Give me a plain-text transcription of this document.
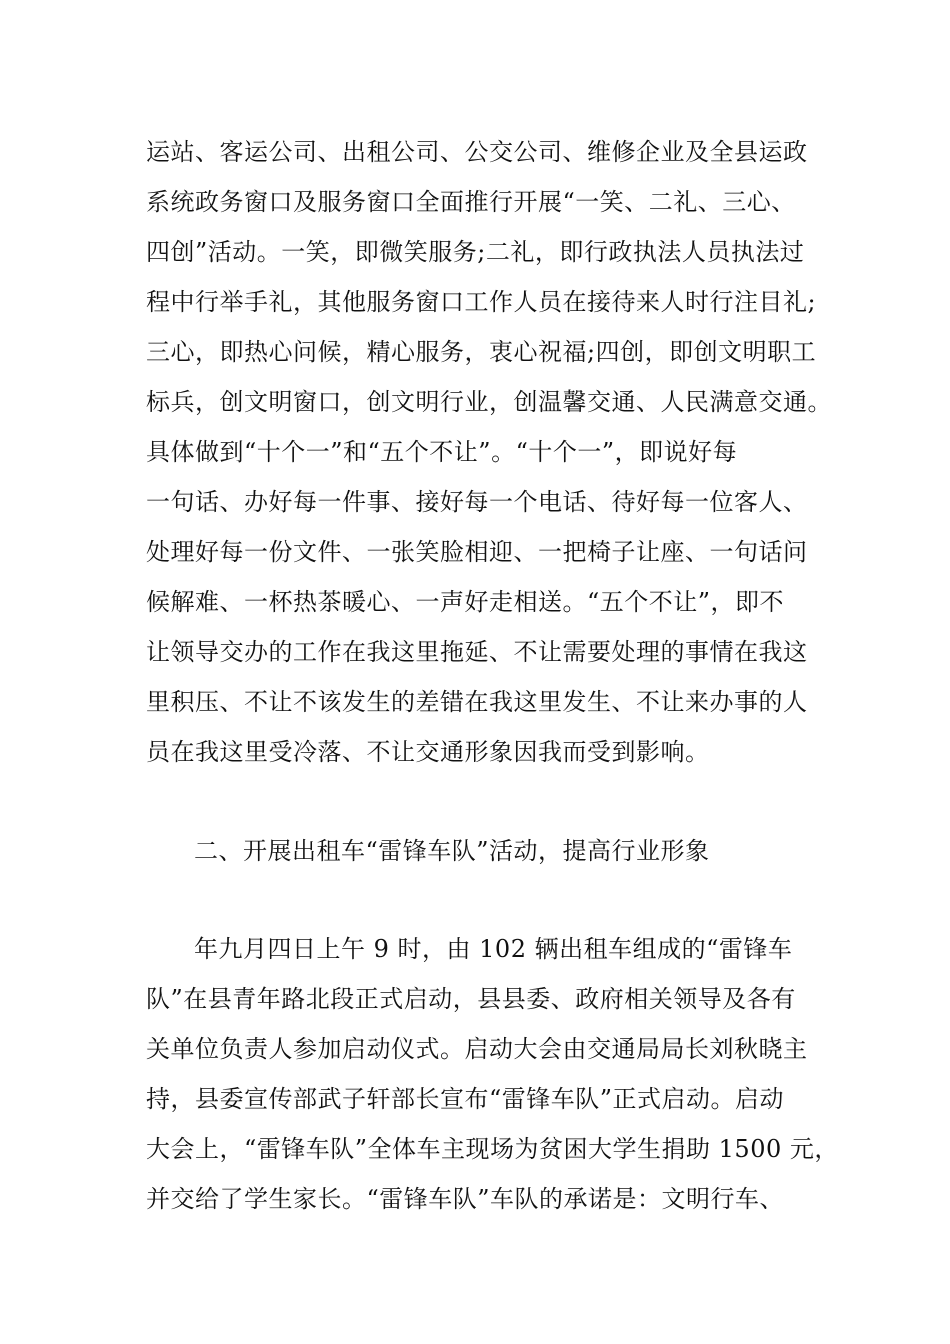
运站、客运公司、出租公司、公交公司、维修企业及全县运政
系统政务窗口及服务窗口全面推行开展“一笑、二礼、三心、
四创”活动。一笑，即微笑服务;二礼，即行政执法人员执法过
程中行举手礼，其他服务窗口工作人员在接待来人时行注目礼;
三心，即热心问候，精心服务，衷心祝福;四创，即创文明职工
标兵，创文明窗口，创文明行业，创温馨交通、人民满意交通。
具体做到“十个一”和“五个不让”。“十个一”，即说好每
一句话、办好每一件事、接好每一个电话、待好每一位客人、
处理好每一份文件、一张笑脸相迎、一把椅子让座、一句话问
候解难、一杯热茶暖心、一声好走相送。“五个不让”，即不
让领导交办的工作在我这里拖延、不让需要处理的事情在我这
里积压、不让不该发生的差错在我这里发生、不让来办事的人
员在我这里受冷落、不让交通形象因我而受到影响。
二、开展出租车“雷锋车队”活动，提高行业形象
年九月四日上午 9 时，由 102 辆出租车组成的“雷锋车
队”在县青年路北段正式启动，县县委、政府相关领导及各有
关单位负责人参加启动仪式。启动大会由交通局局长刘秋晓主
持，县委宣传部武子轩部长宣布“雷锋车队”正式启动。启动
大会上，“雷锋车队”全体车主现场为贫困大学生捐助 1500 元，
并交给了学生家长。“雷锋车队”车队的承诺是：文明行车、
